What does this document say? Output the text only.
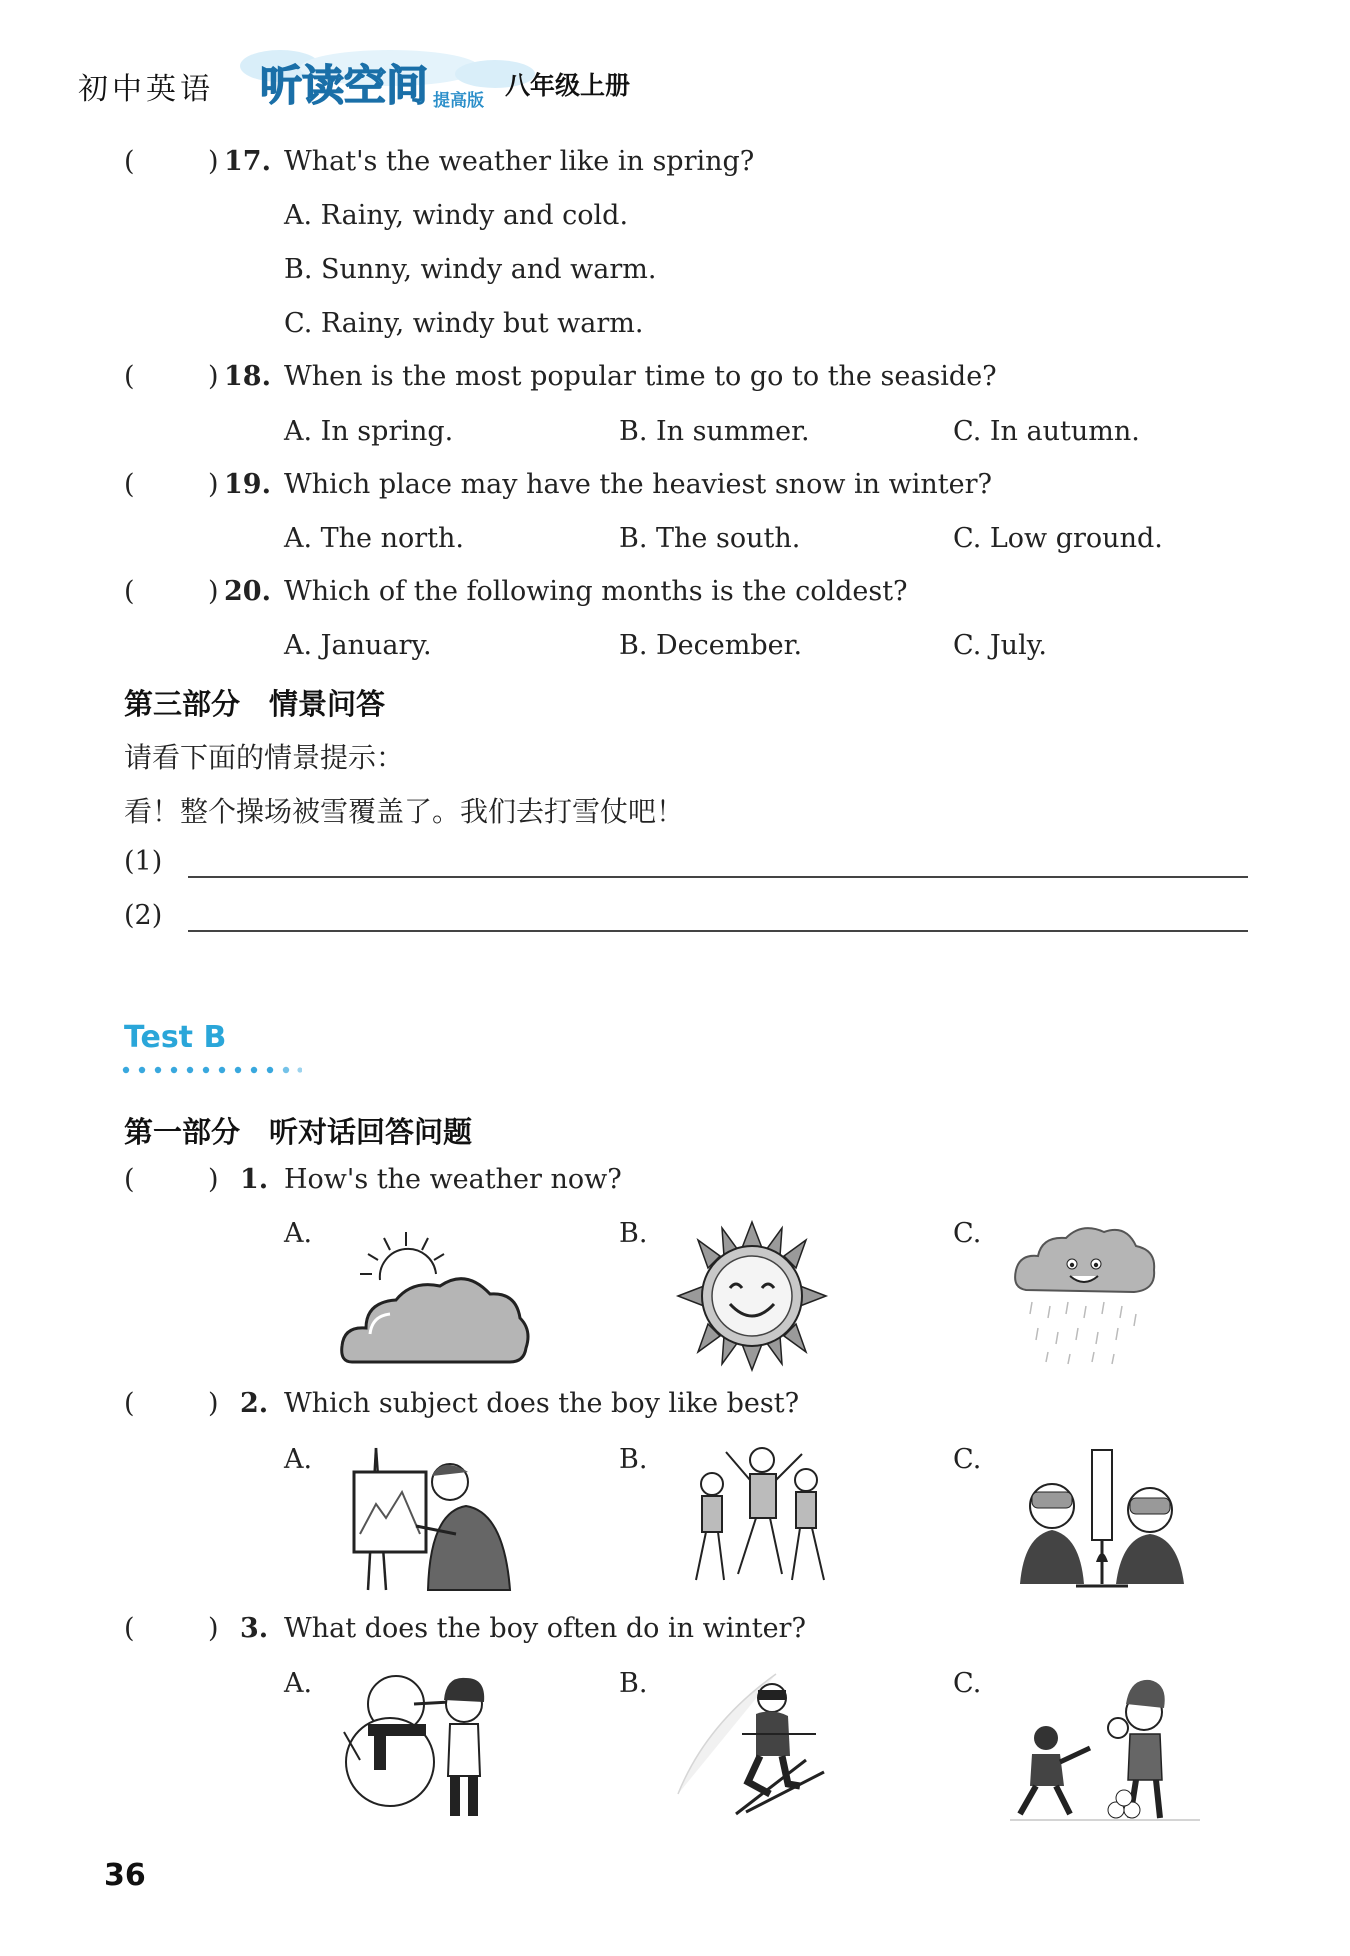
初中英语 听读空间 提高版
八年级上册
(	) 17. What's the weather like in spring?
A. Rainy, windy and cold.
B. Sunny, windy and warm.
C. Rainy, windy but warm.
(	) 18. When is the most popular time to go to the seaside?
A. In spring.	B. In summer.	C. In autumn.
(	) 19. Which place may have the heaviest snow in winter?
A. The north.	B. The south.	C. Low ground.
(	) 20. Which of the following months is the coldest?
A. January.	B. December.	C. July.
第三部分　情景问答
请看下面的情景提示：
看！整个操场被雪覆盖了。我们去打雪仗吧！
(1)
(2)
Test B
第一部分　听对话回答问题
(	) 1. How's the weather now?
A.	B.	C.
(	) 2. Which subject does the boy like best?
A.	B.	C.
(	) 3. What does the boy often do in winter?
A.	B.	C.
36
